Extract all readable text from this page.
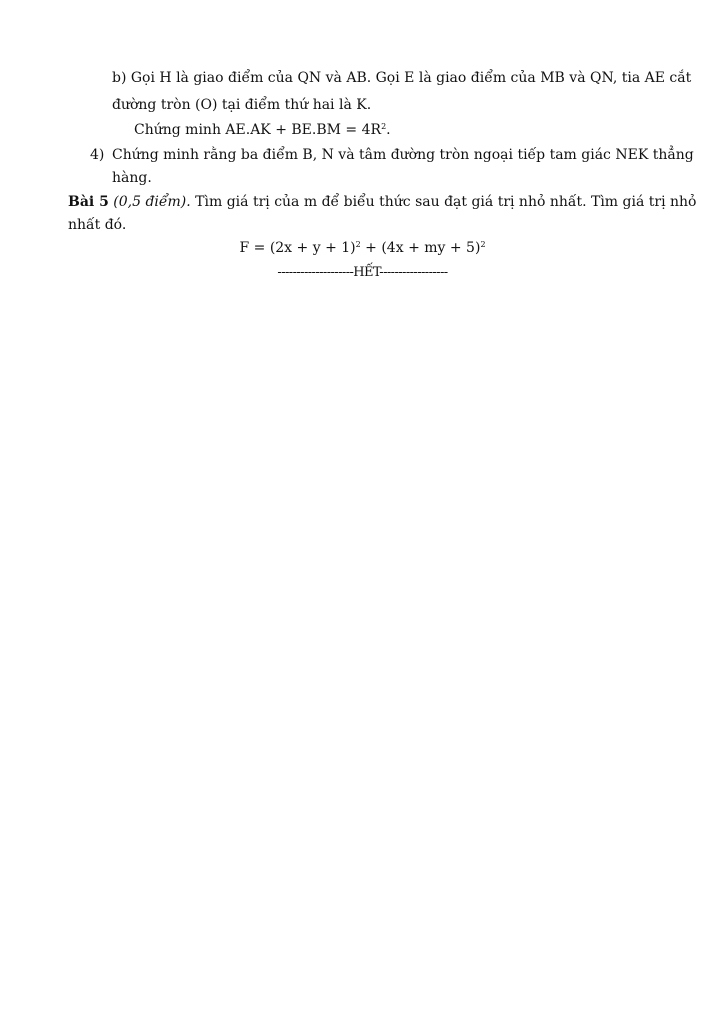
b) Gọi H là giao điểm của QN và AB. Gọi E là giao điểm của MB và QN, tia AE cắt
đường tròn (O) tại điểm thứ hai là K.
Chứng minh $AE.AK + BE.BM = 4R^2$.
4) Chứng minh rằng ba điểm B, N và tâm đường tròn ngoại tiếp tam giác NEK thẳng
hàng.
Bài 5 (0,5 điểm). Tìm giá trị của m để biểu thức sau đạt giá trị nhỏ nhất. Tìm giá trị nhỏ
nhất đó.
$F = (2x + y + 1)^2 + (4x$ + my + 5)$^2$
--------------------HẾT------------------
